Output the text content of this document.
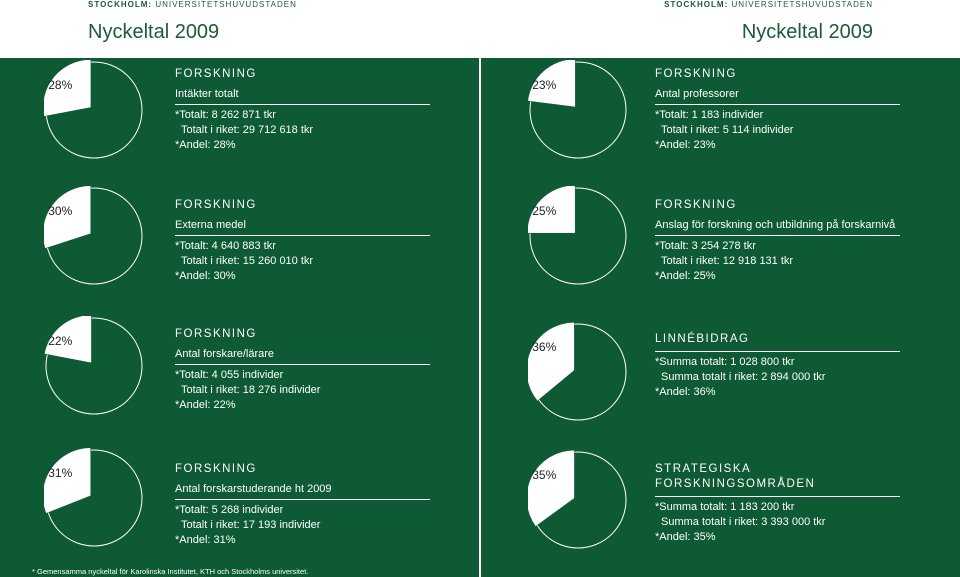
STOCKHOLM: UNIVERSITETSHUVUDSTADEN
Nyckeltal 2009
STOCKHOLM: UNIVERSITETSHUVUDSTADEN
Nyckeltal 2009
28%
FORSKNING
Intäkter totalt
*Totalt: 8 262 871 tkr
Totalt i riket: 29 712 618 tkr
*Andel: 28%
30%	FORSKNING
Externa medel
*Totalt: 4 640 883 tkr
Totalt i riket: 15 260 010 tkr
*Andel: 30%
22%
FORSKNING
Antal forskare/lärare
*Totalt: 4 055 individer
Totalt i riket: 18 276 individer
*Andel: 22%
31%	FORSKNING
Antal forskarstuderande ht 2009
*Totalt: 5 268 individer
Totalt i riket: 17 193 individer
*Andel: 31%
23%
FORSKNING
Antal professorer
*Totalt: 1 183 individer
Totalt i riket: 5 114 individer
*Andel: 23%
25%	FORSKNING
Anslag för forskning och utbildning på forskarnivå
*Totalt: 3 254 278 tkr
Totalt i riket: 12 918 131 tkr
*Andel: 25%
36%
LINNÉBIDRAG
*Summa totalt: 1 028 800 tkr
Summa totalt i riket: 2 894 000 tkr
*Andel: 36%
35%	STRATEGISKA FORSKNINGSOMRÅDEN
*Summa totalt: 1 183 200 tkr
Summa totalt i riket: 3 393 000 tkr
*Andel: 35%
* Gemensamma nyckeltal för Karolinska Institutet, KTH och Stockholms universitet.
